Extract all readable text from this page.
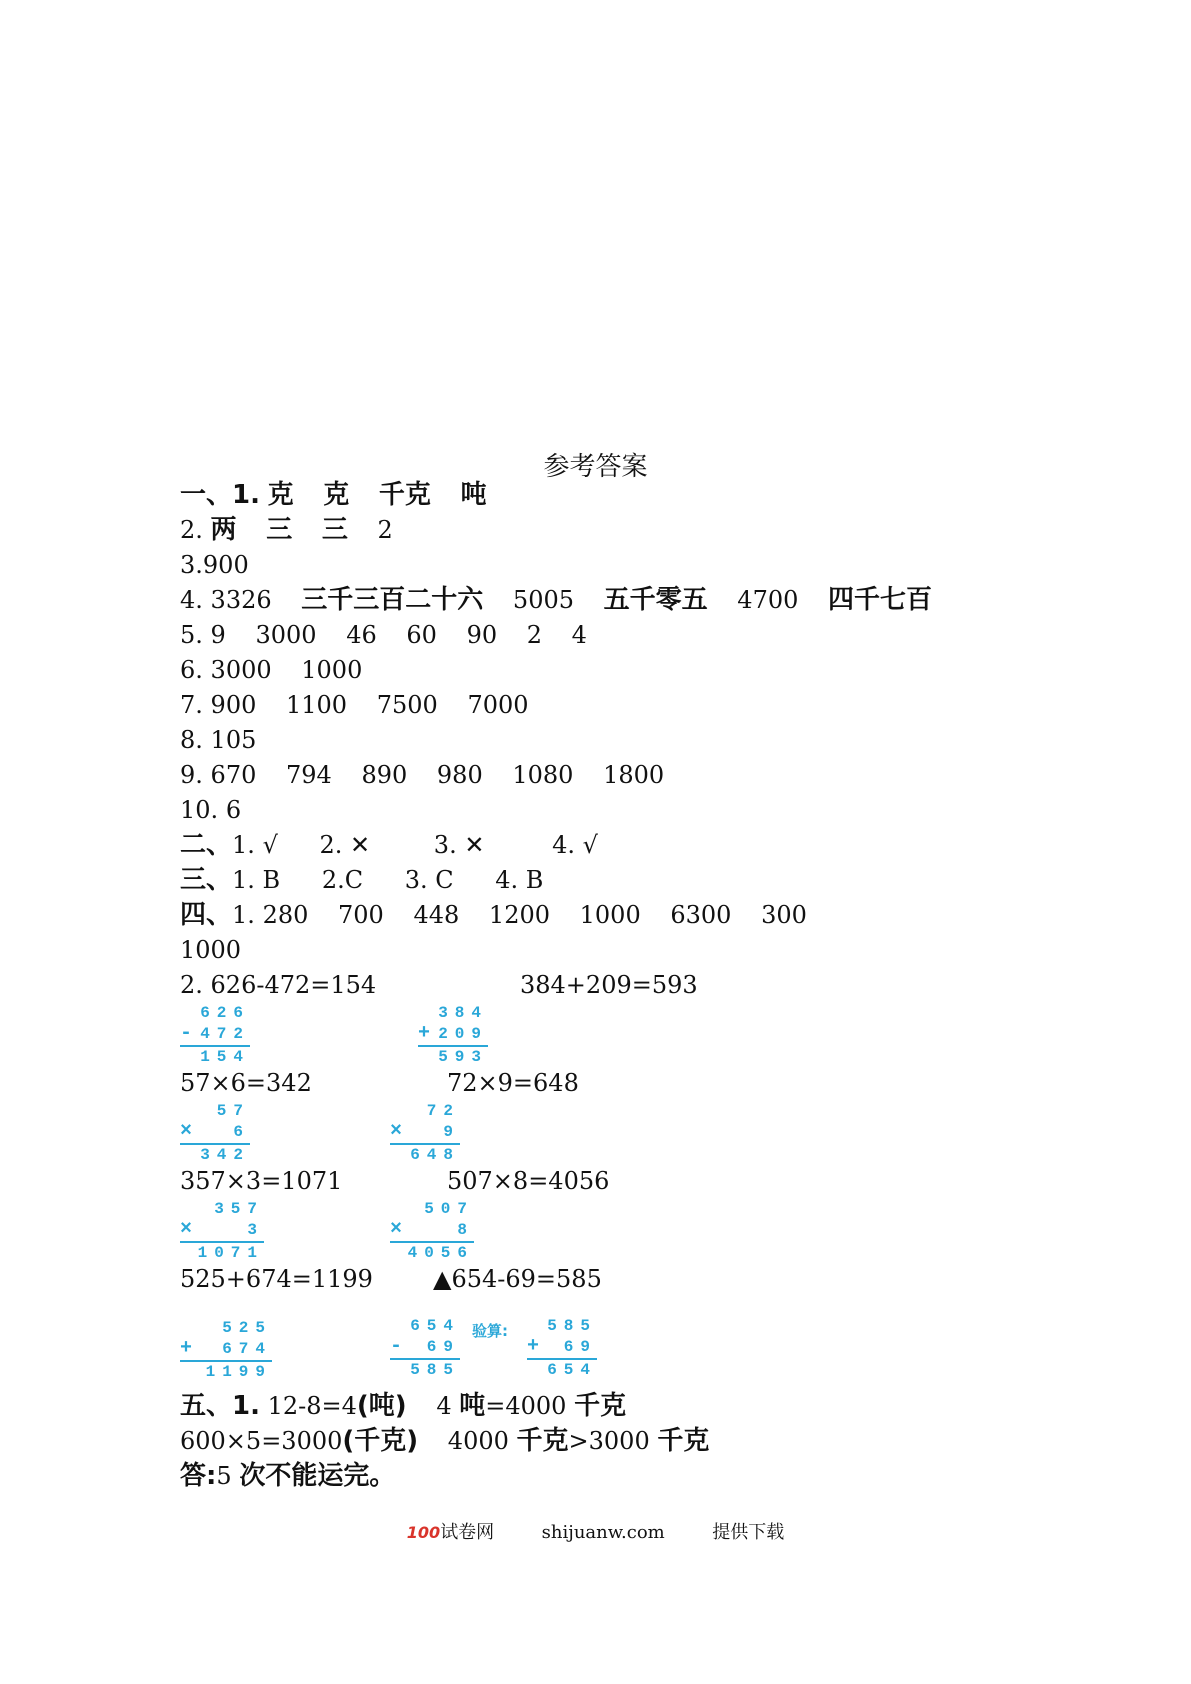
参考答案
一、1. 克 克 千克 吨
2. 两 三 三 2
3.900
4. 3326 三千三百二十六 5005 五千零五 4700 四千七百
5. 9 3000 46 60 90 2 4
6. 3000 1000
7. 900 1100 7500 7000
8. 105
9. 670 794 890 980 1080 1800
10. 6
二、1. √ 2. ✕	3. ✕	4. √
三、1. B 2.C 3. C 4. B
四、1. 280 700 448 1200 1000 6300 300
1000
2. 626-472=154	384+209=593
626
- 472
154
384
+ 209
593
57×6=342	72×9=648
57
×	6
342
72
×	9
648
357×3=1071	507×8=4056
357
×	3
1071
507
×	8
4056
525+674=1199	▲654-69=585
525
+ 674
1199
654
- 69
585
验算: 585
+ 69
654
五、1. 12-8=4(吨) 4 吨=4000 千克
600×5=3000(千克) 4000 千克>3000 千克
答:5 次不能运完。
100试卷网	shijuanw.com	提供下载
